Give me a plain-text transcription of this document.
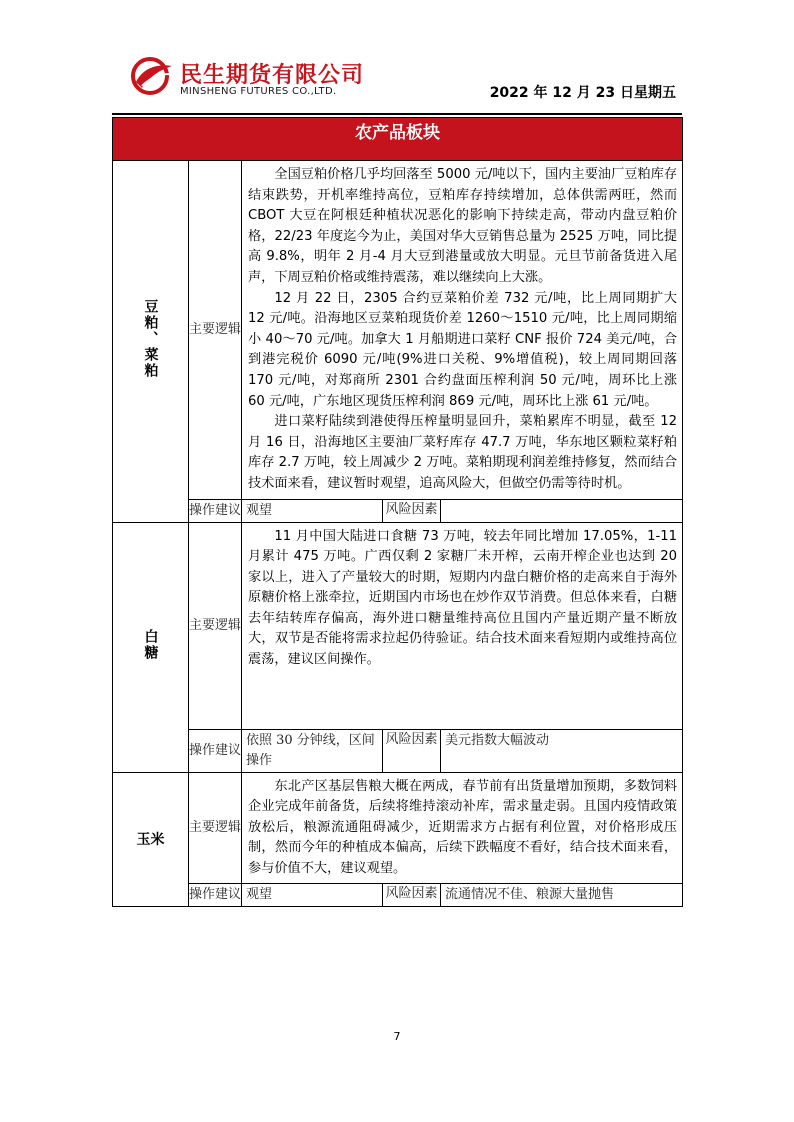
民生期货有限公司
MINSHENG FUTURES CO.,LTD.	2022 年 12 月 23 日星期五
农产品板块				
豆粕、菜粕	主要逻辑	全国豆粕价格几乎均回落至 5000 元/吨以下，国内主要油厂豆粕库存结束跌势，开机率维持高位，豆粕库存持续增加，总体供需两旺，然而 CBOT 大豆在阿根廷种植状况恶化的影响下持续走高，带动内盘豆粕价格，22/23 年度迄今为止，美国对华大豆销售总量为 2525 万吨，同比提高 9.8%，明年 2 月-4 月大豆到港量或放大明显。元旦节前备货进入尾声，下周豆粕价格或维持震荡，难以继续向上大涨。

12 月 22 日，2305 合约豆菜粕价差 732 元/吨，比上周同期扩大 12 元/吨。沿海地区豆菜粕现货价差 1260～1510 元/吨，比上周同期缩小 40～70 元/吨。加拿大 1 月船期进口菜籽 CNF 报价 724 美元/吨，合到港完税价 6090 元/吨(9%进口关税、9%增值税)，较上周同期回落 170 元/吨，对郑商所 2301 合约盘面压榨利润 50 元/吨，周环比上涨 60 元/吨，广东地区现货压榨利润 869 元/吨，周环比上涨 61 元/吨。

进口菜籽陆续到港使得压榨量明显回升，菜粕累库不明显，截至 12 月 16 日，沿海地区主要油厂菜籽库存 47.7 万吨，华东地区颗粒菜籽粕库存 2.7 万吨，较上周减少 2 万吨。菜粕期现利润差维持修复，然而结合技术面来看，建议暂时观望，追高风险大，但做空仍需等待时机。		

	操作建议	观望	风险因素	
白糖	主要逻辑	11 月中国大陆进口食糖 73 万吨，较去年同比增加 17.05%，1-11 月累计 475 万吨。广西仅剩 2 家糖厂未开榨，云南开榨企业也达到 20 家以上，进入了产量较大的时期，短期内内盘白糖价格的走高来自于海外原糖价格上涨牵拉，近期国内市场也在炒作双节消费。但总体来看，白糖去年结转库存偏高，海外进口糖量维持高位且国内产量近期产量不断放大，双节是否能将需求拉起仍待验证。结合技术面来看短期内或维持高位震荡，建议区间操作。		

	操作建议	依照 30 分钟线，区间操作	风险因素	美元指数大幅波动
玉米	主要逻辑	东北产区基层售粮大概在两成，春节前有出货量增加预期，多数饲料企业完成年前备货，后续将维持滚动补库，需求量走弱。且国内疫情政策放松后，粮源流通阻碍减少，近期需求方占据有利位置，对价格形成压制，然而今年的种植成本偏高，后续下跌幅度不看好，结合技术面来看，参与价值不大，建议观望。		

	操作建议	观望	风险因素	流通情况不佳、粮源大量抛售
7
